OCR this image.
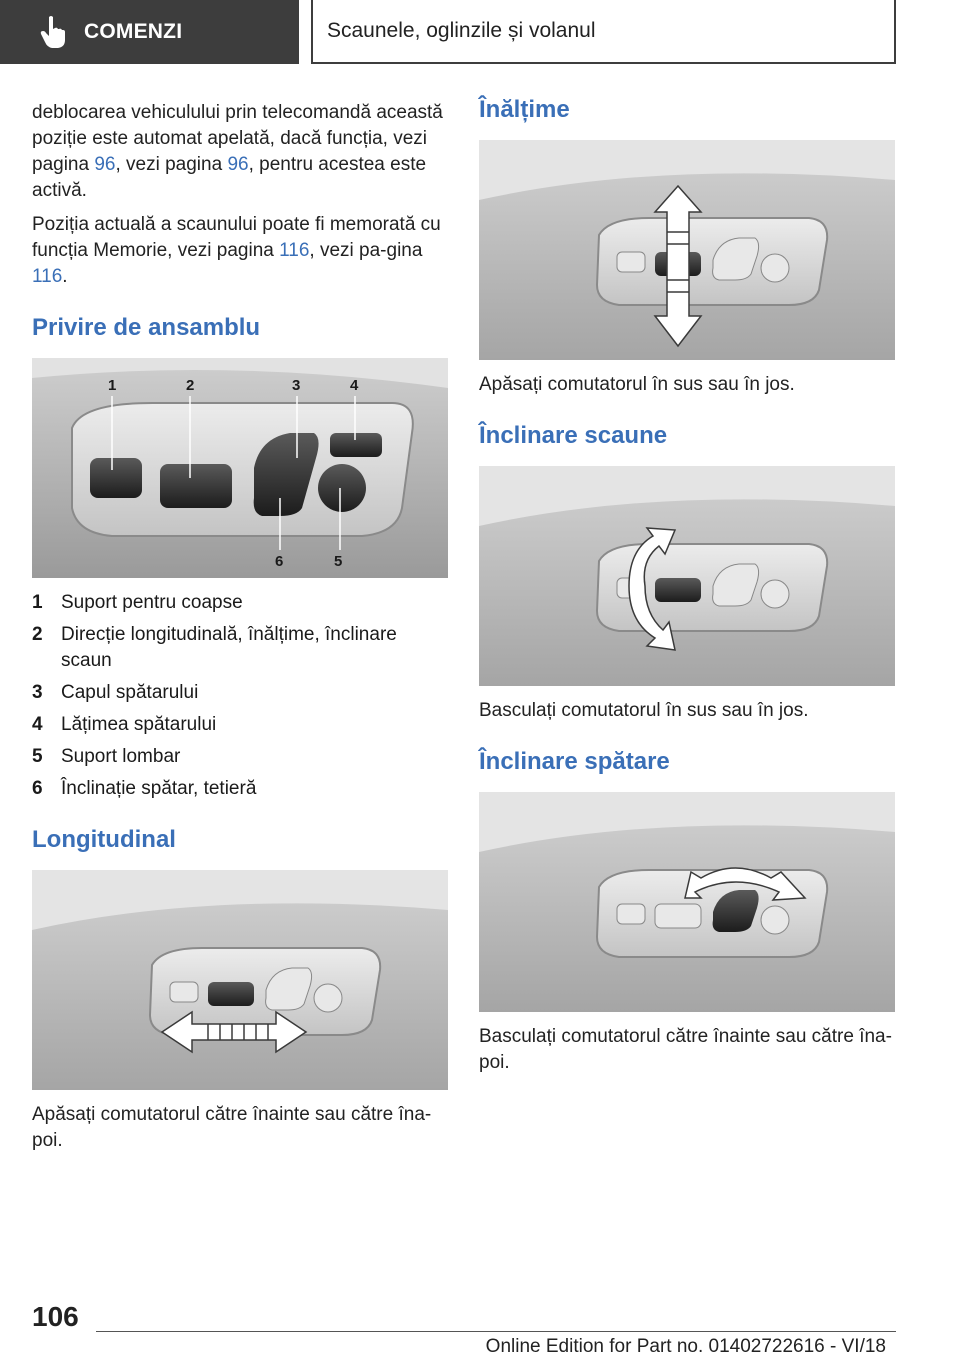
COMENZI	Scaunele, oglinzile și volanul

deblocarea vehiculului prin telecomandă această poziție este automat apelată, dacă funcția, vezi pagina 96, vezi pagina 96, pentru acestea este activă.

Poziția actuală a scaunului poate fi memorată cu funcția Memorie, vezi pagina 116, vezi pa-gina 116.

Privire de ansamblu
1	2	3	4
6	5
1 Suport pentru coapse
2 Direcție longitudinală, înălțime, înclinare scaun
3 Capul spătarului
4 Lățimea spătarului
5 Suport lombar
6 Înclinație spătar, tetieră
Longitudinal

Apăsați comutatorul către înainte sau către îna-poi.

Înălțime

Apăsați comutatorul în sus sau în jos.

Înclinare scaune

Basculați comutatorul în sus sau în jos.

Înclinare spătare

Basculați comutatorul către înainte sau către îna-poi.

106
Online Edition for Part no. 01402722616 - VI/18
